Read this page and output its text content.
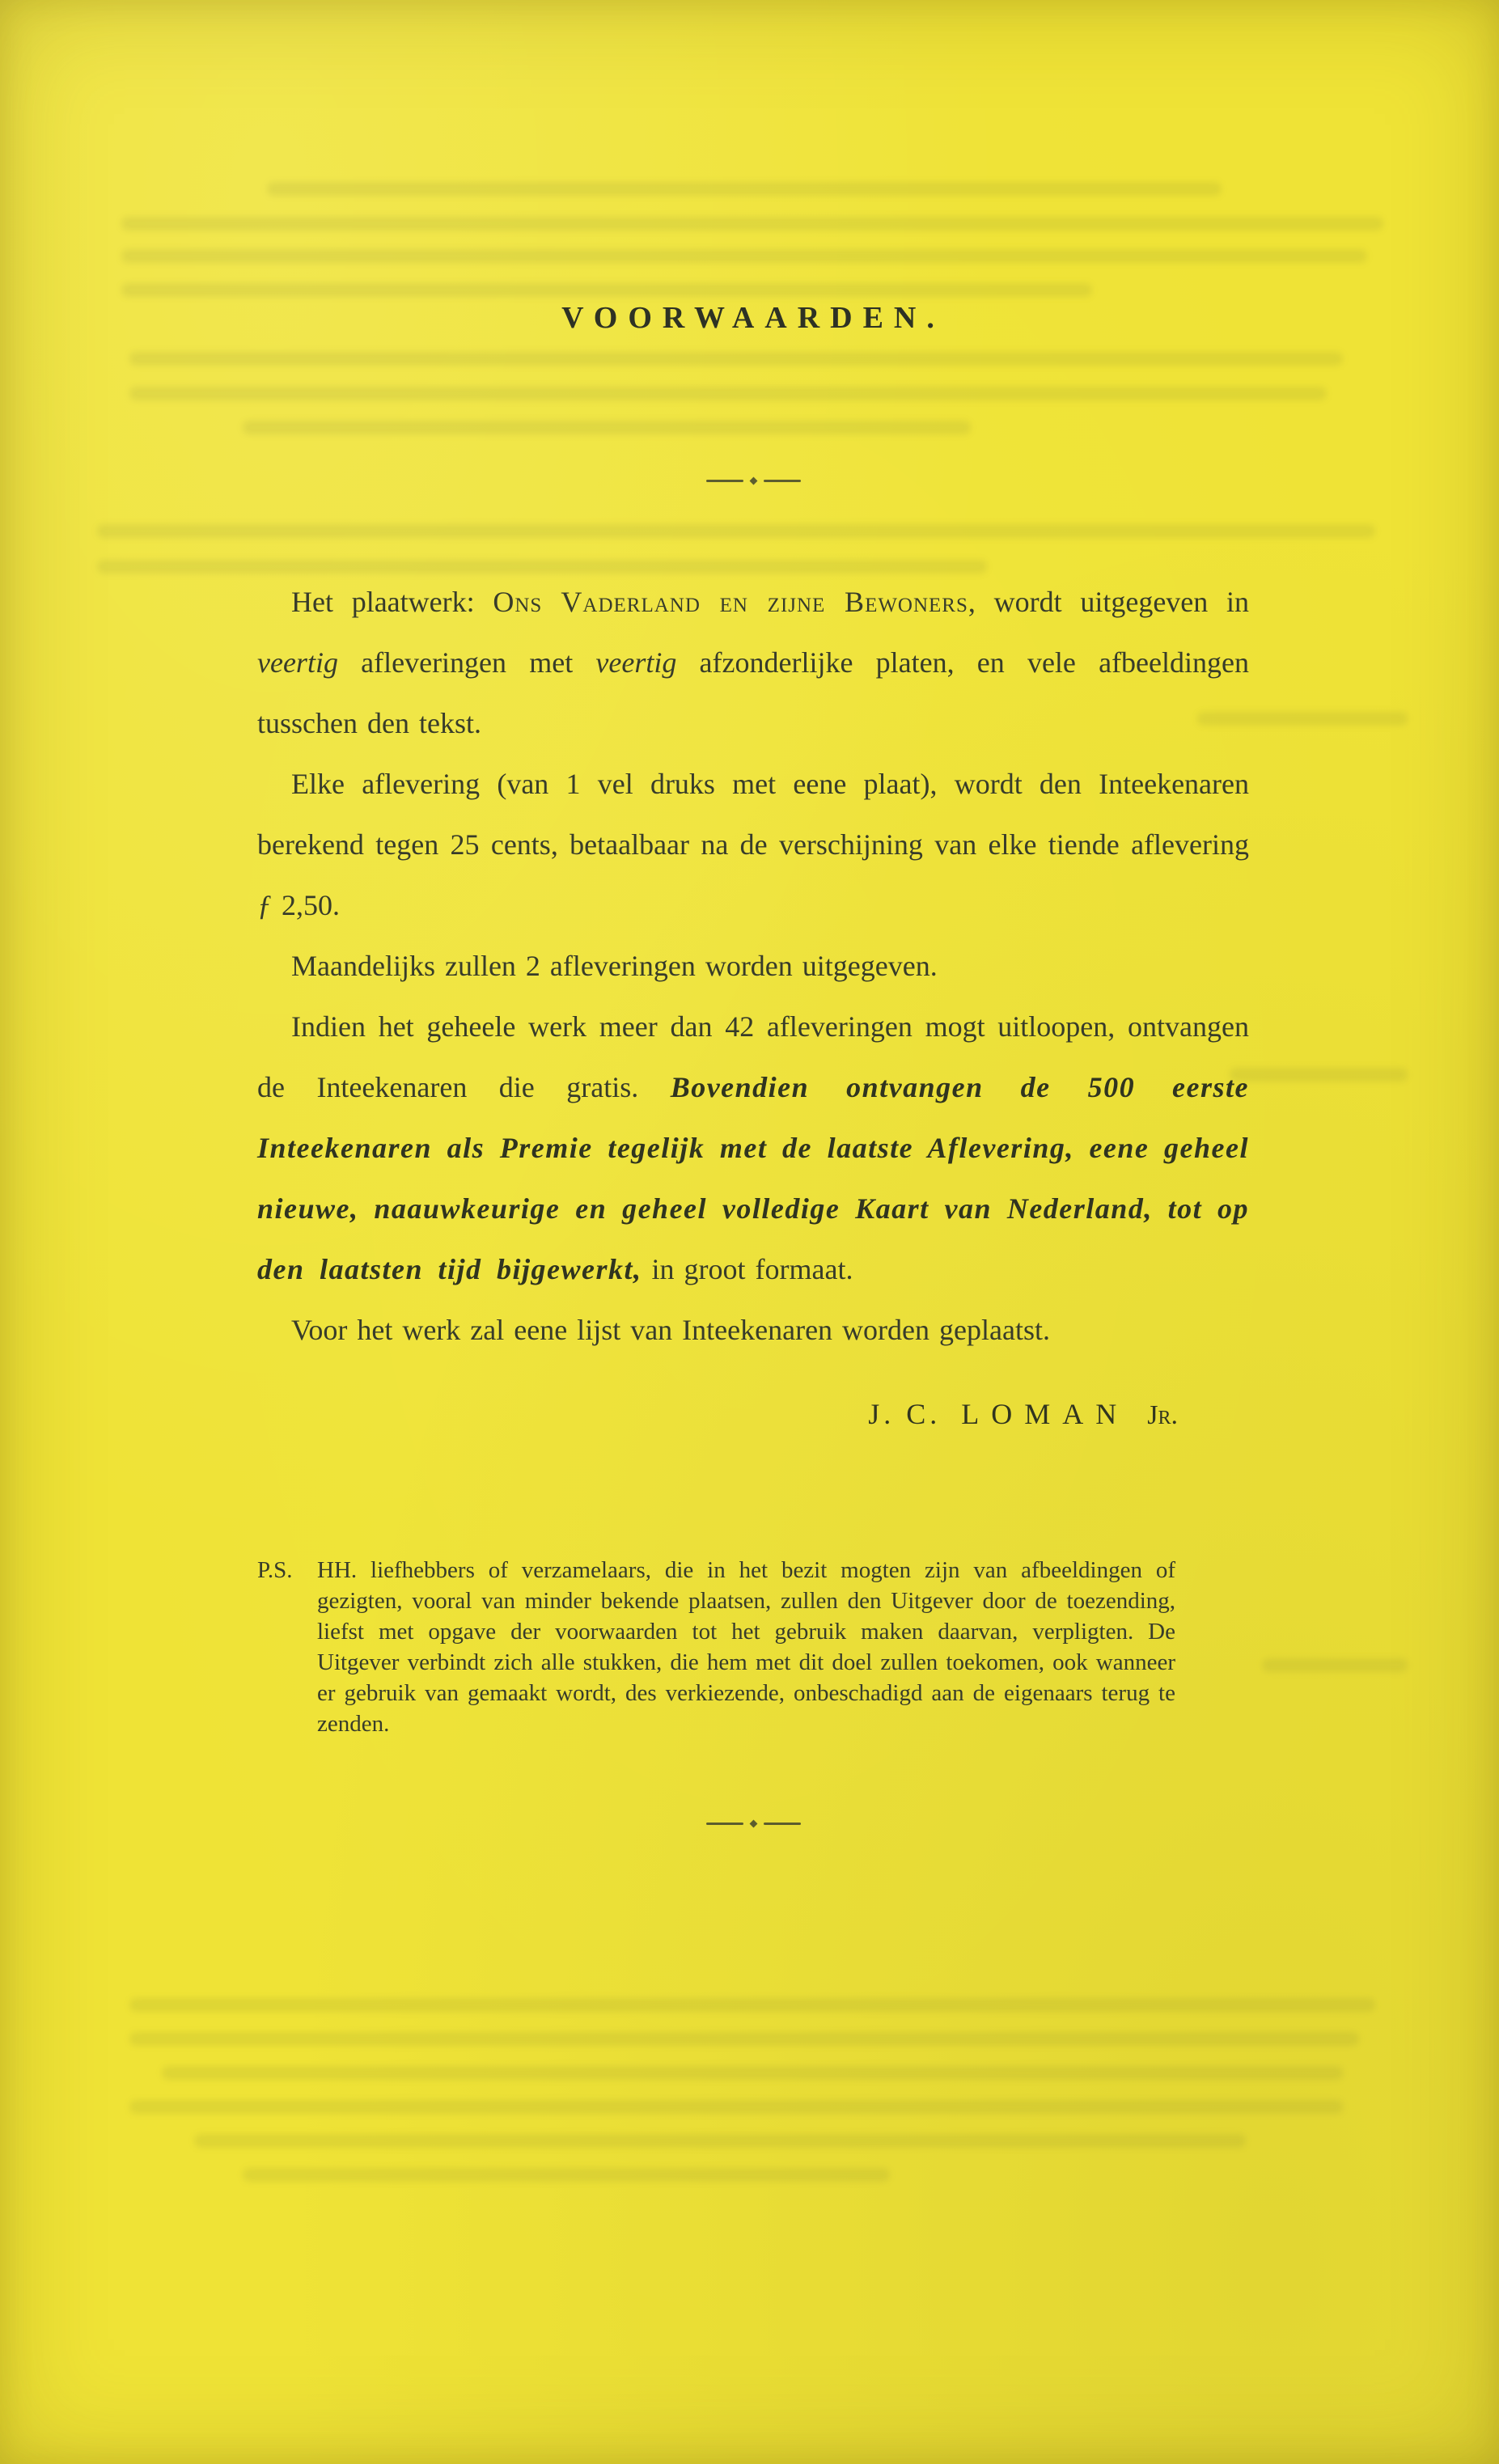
VOORWAARDEN.

Het plaatwerk: Ons Vaderland en zijne Bewoners, wordt uitgegeven in veertig afleveringen met veertig afzonderlijke platen, en vele afbeeldingen tusschen den tekst.

Elke aflevering (van 1 vel druks met eene plaat), wordt den Inteekenaren berekend tegen 25 cents, betaalbaar na de verschijning van elke tiende aflevering ƒ 2,50.

Maandelijks zullen 2 afleveringen worden uitgegeven.

Indien het geheele werk meer dan 42 afleveringen mogt uitloopen, ontvangen de Inteekenaren die gratis. Bovendien ontvangen de 500 eerste Inteekenaren als Premie tegelijk met de laatste Aflevering, eene geheel nieuwe, naauwkeurige en geheel volledige Kaart van Nederland, tot op den laatsten tijd bijgewerkt, in groot formaat.

Voor het werk zal eene lijst van Inteekenaren worden geplaatst.

J. C. LOMAN Jr.
P.S.	HH. liefhebbers of verzamelaars, die in het bezit mogten zijn van afbeeldingen of gezigten, vooral van minder bekende plaatsen, zullen den Uitgever door de toezending, liefst met opgave der voorwaarden tot het gebruik maken daarvan, verpligten. De Uitgever verbindt zich alle stukken, die hem met dit doel zullen toekomen, ook wanneer er gebruik van gemaakt wordt, des verkiezende, onbeschadigd aan de eigenaars terug te zenden.
